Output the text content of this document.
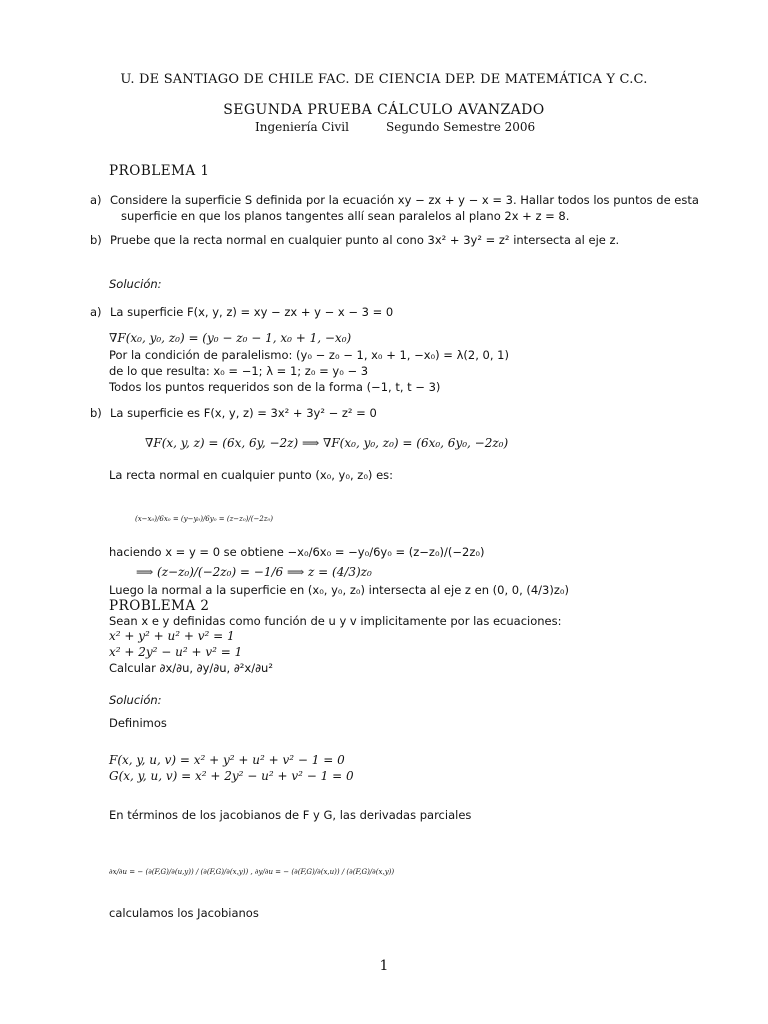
U. DE SANTIAGO DE CHILE FAC. DE CIENCIA DEP. DE MATEMÁTICA Y C.C.
SEGUNDA PRUEBA CÁLCULO AVANZADO
Ingeniería Civil	Segundo Semestre 2006
PROBLEMA 1
a) Considere la superficie S definida por la ecuación xy − zx + y − x = 3. Hallar todos los puntos de esta
superficie en que los planos tangentes allí sean paralelos al plano 2x + z = 8.
b) Pruebe que la recta normal en cualquier punto al cono 3x² + 3y² = z² intersecta al eje z.
Solución:
a) La superficie F(x, y, z) = xy − zx + y − x − 3 = 0
∇F(x₀, y₀, z₀) = (y₀ − z₀ − 1, x₀ + 1, −x₀)
Por la condición de paralelismo: (y₀ − z₀ − 1, x₀ + 1, −x₀) = λ(2, 0, 1)
de lo que resulta: x₀ = −1; λ = 1; z₀ = y₀ − 3
Todos los puntos requeridos son de la forma (−1, t, t − 3)
b) La superficie es F(x, y, z) = 3x² + 3y² − z² = 0
∇F(x, y, z) = (6x, 6y, −2z) ⟹ ∇F(x₀, y₀, z₀) = (6x₀, 6y₀, −2z₀)
La recta normal en cualquier punto (x₀, y₀, z₀) es:
(x−x₀)/6x₀ = (y−y₀)/6y₀ = (z−z₀)/(−2z₀)
haciendo x = y = 0 se obtiene −x₀/6x₀ = −y₀/6y₀ = (z−z₀)/(−2z₀)
⟹ (z−z₀)/(−2z₀) = −1/6 ⟹ z = (4/3)z₀
Luego la normal a la superficie en (x₀, y₀, z₀) intersecta al eje z en (0, 0, (4/3)z₀)
PROBLEMA 2
Sean x e y definidas como función de u y v implicitamente por las ecuaciones:
x² + y² + u² + v² = 1
x² + 2y² − u² + v² = 1
Calcular ∂x/∂u, ∂y/∂u, ∂²x/∂u²
Solución:
Definimos
F(x, y, u, v) = x² + y² + u² + v² − 1 = 0
G(x, y, u, v) = x² + 2y² − u² + v² − 1 = 0
En términos de los jacobianos de F y G, las derivadas parciales
∂x/∂u = − (∂(F,G)/∂(u,y)) / (∂(F,G)/∂(x,y)) , ∂y/∂u = − (∂(F,G)/∂(x,u)) / (∂(F,G)/∂(x,y))
calculamos los Jacobianos
1
